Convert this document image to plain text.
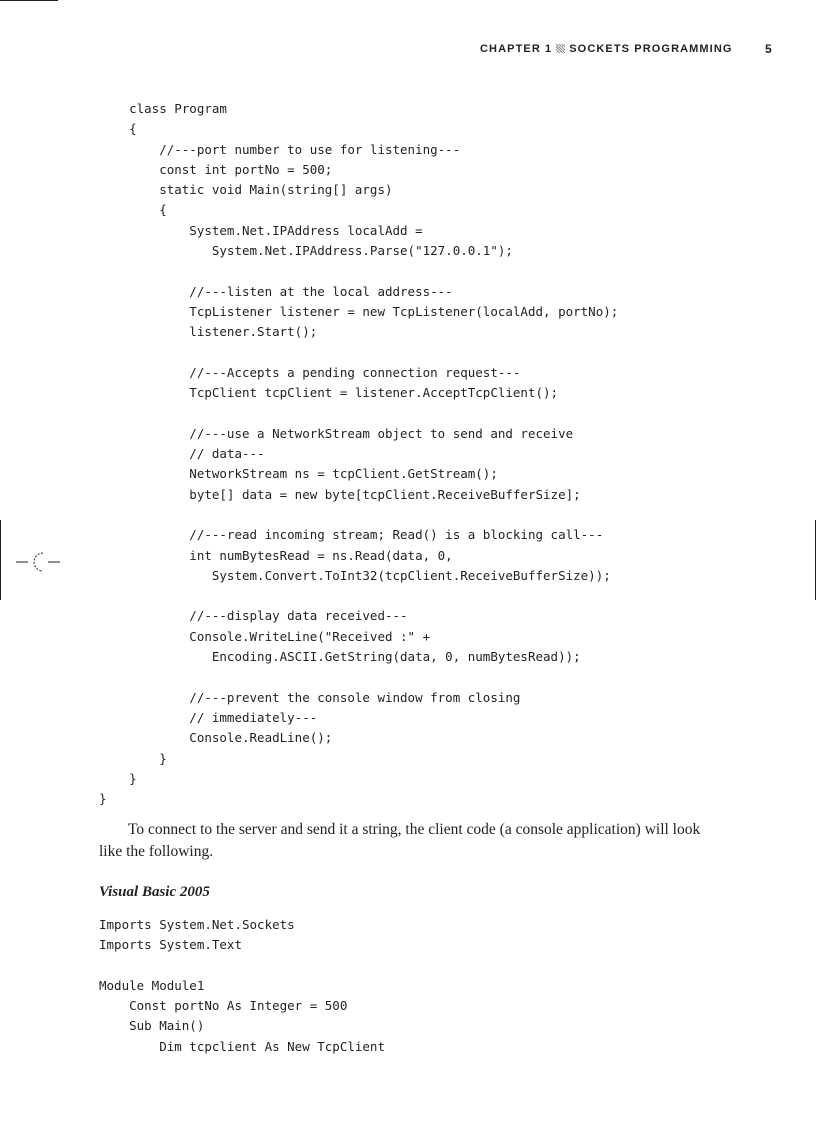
CHAPTER 1 SOCKETS PROGRAMMING	5
class Program
{
//---port number to use for listening---
const int portNo = 500;
static void Main(string[] args)
{
System.Net.IPAddress localAdd =
System.Net.IPAddress.Parse("127.0.0.1");
//---listen at the local address---
TcpListener listener = new TcpListener(localAdd, portNo);
listener.Start();
//---Accepts a pending connection request---
TcpClient tcpClient = listener.AcceptTcpClient();
//---use a NetworkStream object to send and receive
// data---
NetworkStream ns = tcpClient.GetStream();
byte[] data = new byte[tcpClient.ReceiveBufferSize];
//---read incoming stream; Read() is a blocking call---
int numBytesRead = ns.Read(data, 0,
System.Convert.ToInt32(tcpClient.ReceiveBufferSize));
//---display data received---
Console.WriteLine("Received :" +
Encoding.ASCII.GetString(data, 0, numBytesRead));
//---prevent the console window from closing
// immediately---
Console.ReadLine();
}
}
}

To connect to the server and send it a string, the client code (a console application) will look like the following.

Visual Basic 2005
Imports System.Net.Sockets
Imports System.Text
Module Module1
Const portNo As Integer = 500
Sub Main()
Dim tcpclient As New TcpClient
